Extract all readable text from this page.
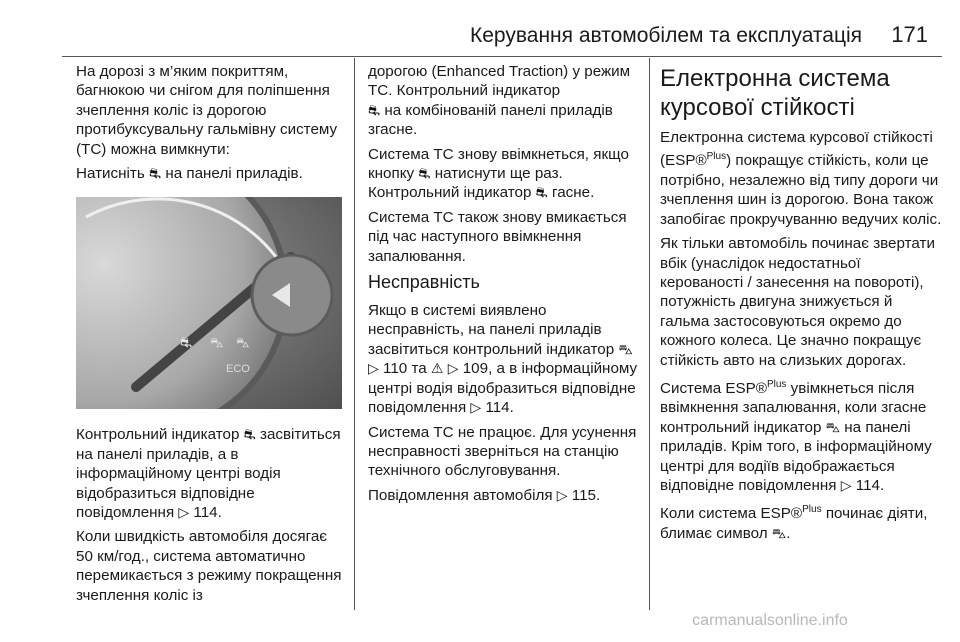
Керування автомобілем та експлуатація	171

На дорозі з м’яким покриттям, багнюкою чи снігом для поліпшення зчеплення коліс із дорогою протибуксувальну гальмівну систему (ТС) можна вимкнути:

Натисніть ⛐ на панелі приладів.

⛐ ⛍ ⛍
ECO

Контрольний індикатор ⛐ засвітиться на панелі приладів, а в інформаційному центрі водія відобразиться відповідне повідомлення ▷ 114.

Коли швидкість автомобіля досягає 50 км/год., система автоматично перемикається з режиму покращення зчеплення коліс із

дорогою (Enhanced Traction) у режим ТС. Контрольний індикатор
⛐ на комбінованій панелі приладів згасне.

Система ТС знову ввімкнеться, якщо кнопку ⛐ натиснути ще раз. Контрольний індикатор ⛐ гасне.

Система ТС також знову вмикається під час наступного ввімкнення запалювання.

Несправність

Якщо в системі виявлено несправність, на панелі приладів засвітиться контрольний індикатор ⛍ ▷ 110 та ⚠ ▷ 109, а в інформаційному центрі водія відобразиться відповідне повідомлення ▷ 114.

Система ТС не працює. Для усунення несправності зверніться на станцію технічного обслуговування.

Повідомлення автомобіля ▷ 115.

Електронна система курсової стійкості

Електронна система курсової стійкості (ESP®$^{Plus}$) покращує стійкість, коли це потрібно, незалежно від типу дороги чи зчеплення шин із дорогою. Вона також запобігає прокручуванню ведучих коліс.

Як тільки автомобіль починає звертати вбік (унаслідок недостатньої керованості / занесення на повороті), потужність двигуна знижується й гальма застосовуються окремо до кожного колеса. Це значно покращує стійкість авто на слизьких дорогах.

Система ESP®$^{Plus}$ увімкнеться після ввімкнення запалювання, коли згасне контрольний індикатор ⛍ на панелі приладів. Крім того, в інформаційному центрі для водіїв відображається відповідне повідомлення ▷ 114.

Коли система ESP®$^{Plus}$ починає діяти, блимає символ ⛍.

carmanualsonline.info
